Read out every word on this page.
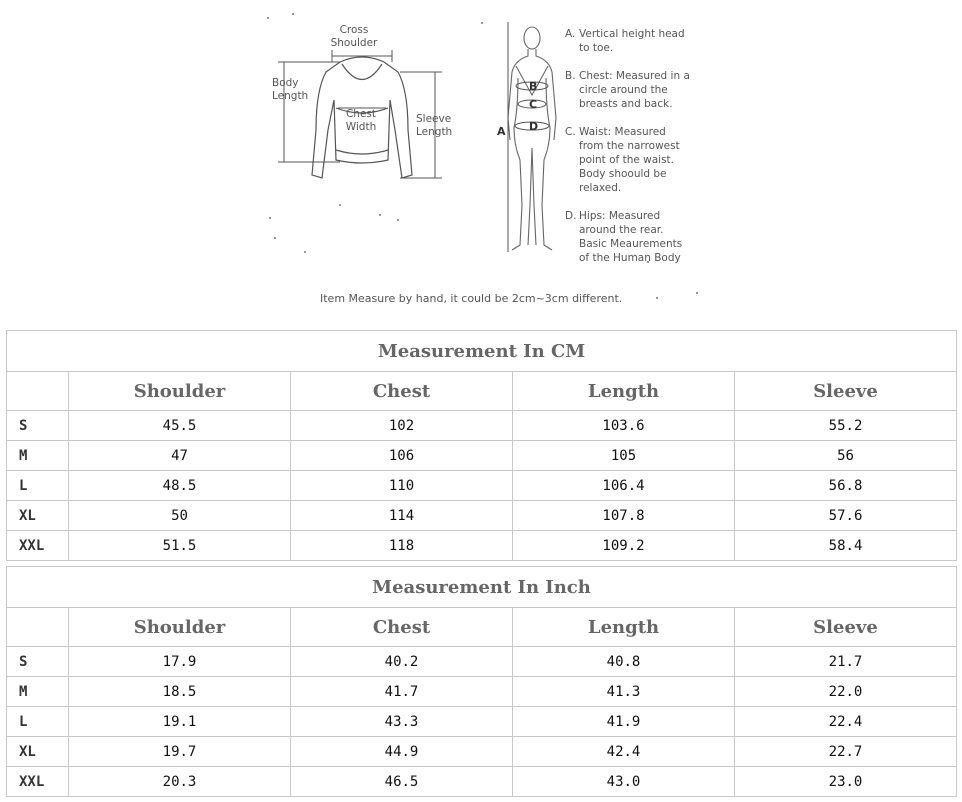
Cross
Shoulder
Body
Length
Chest
Width
Sleeve
Length	A
B
C
D
A. Vertical height head
to toe.
B. Chest: Measured in a
circle around the breasts and back.
C. Waist: Measured
from the narrowest point of the waist. Body shoould be relaxed.
D. Hips: Measured
around the rear. Basic Meaurements of the Human Body
Item Measure by hand, it could be 2cm~3cm different.
Measurement In CM				
	Shoulder	Chest	Length	Sleeve
S	45.5	102	103.6	55.2
M	47	106	105	56
L	48.5	110	106.4	56.8
XL	50	114	107.8	57.6
XXL	51.5	118	109.2	58.4
Measurement In Inch				
	Shoulder	Chest	Length	Sleeve
S	17.9	40.2	40.8	21.7
M	18.5	41.7	41.3	22.0
L	19.1	43.3	41.9	22.4
XL	19.7	44.9	42.4	22.7
XXL	20.3	46.5	43.0	23.0
